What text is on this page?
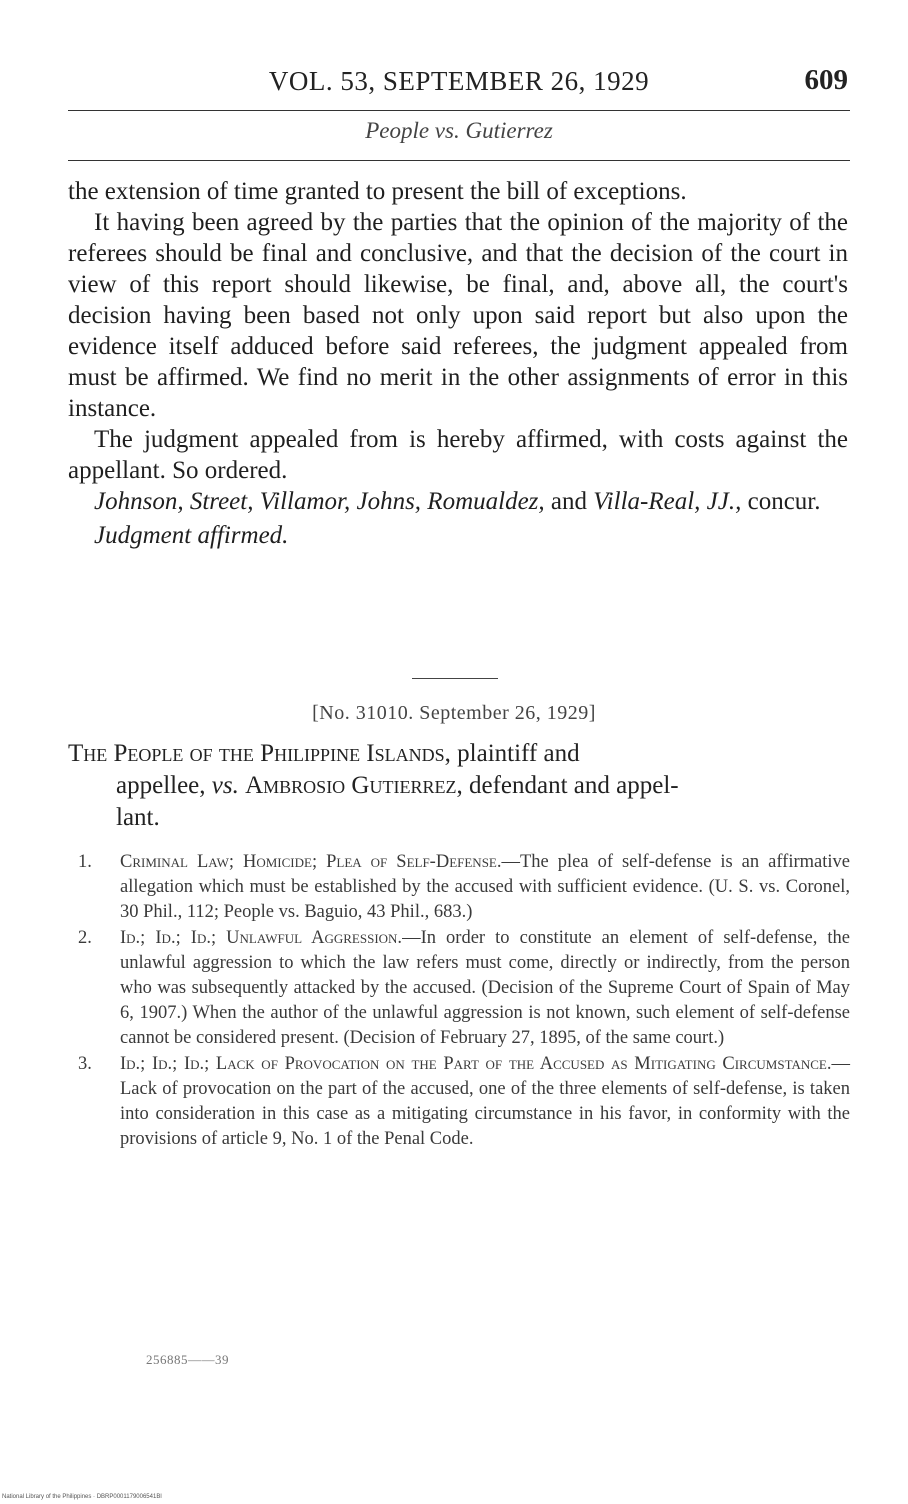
VOL. 53, SEPTEMBER 26, 1929	609
People vs. Gutierrez

the extension of time granted to present the bill of exceptions.

It having been agreed by the parties that the opinion of the majority of the referees should be final and conclusive, and that the decision of the court in view of this report should likewise, be final, and, above all, the court's decision having been based not only upon said report but also upon the evidence itself adduced before said referees, the judgment appealed from must be affirmed. We find no merit in the other assignments of error in this instance.

The judgment appealed from is hereby affirmed, with costs against the appellant. So ordered.

Johnson, Street, Villamor, Johns, Romualdez, and Villa-Real, JJ., concur.

Judgment affirmed.

[No. 31010. September 26, 1929]
The People of the Philippine Islands, plaintiff and
appellee, vs. Ambrosio Gutierrez, defendant and appel-
lant.
1. Criminal Law; Homicide; Plea of Self-Defense.—The plea of self-defense is an affirmative allegation which must be established by the accused with sufficient evidence. (U. S. vs. Coronel, 30 Phil., 112; People vs. Baguio, 43 Phil., 683.)
2. Id.; Id.; Id.; Unlawful Aggression.—In order to constitute an element of self-defense, the unlawful aggression to which the law refers must come, directly or indirectly, from the person who was subsequently attacked by the accused. (Decision of the Supreme Court of Spain of May 6, 1907.) When the author of the unlawful aggression is not known, such element of self-defense cannot be considered present. (Decision of February 27, 1895, of the same court.)
3. Id.; Id.; Id.; Lack of Provocation on the Part of the Accused as Mitigating Circumstance.—Lack of provocation on the part of the accused, one of the three elements of self-defense, is taken into consideration in this case as a mitigating circumstance in his favor, in conformity with the provisions of article 9, No. 1 of the Penal Code.
256885——39
National Library of the Philippines · DBRP0001179006541Bl
